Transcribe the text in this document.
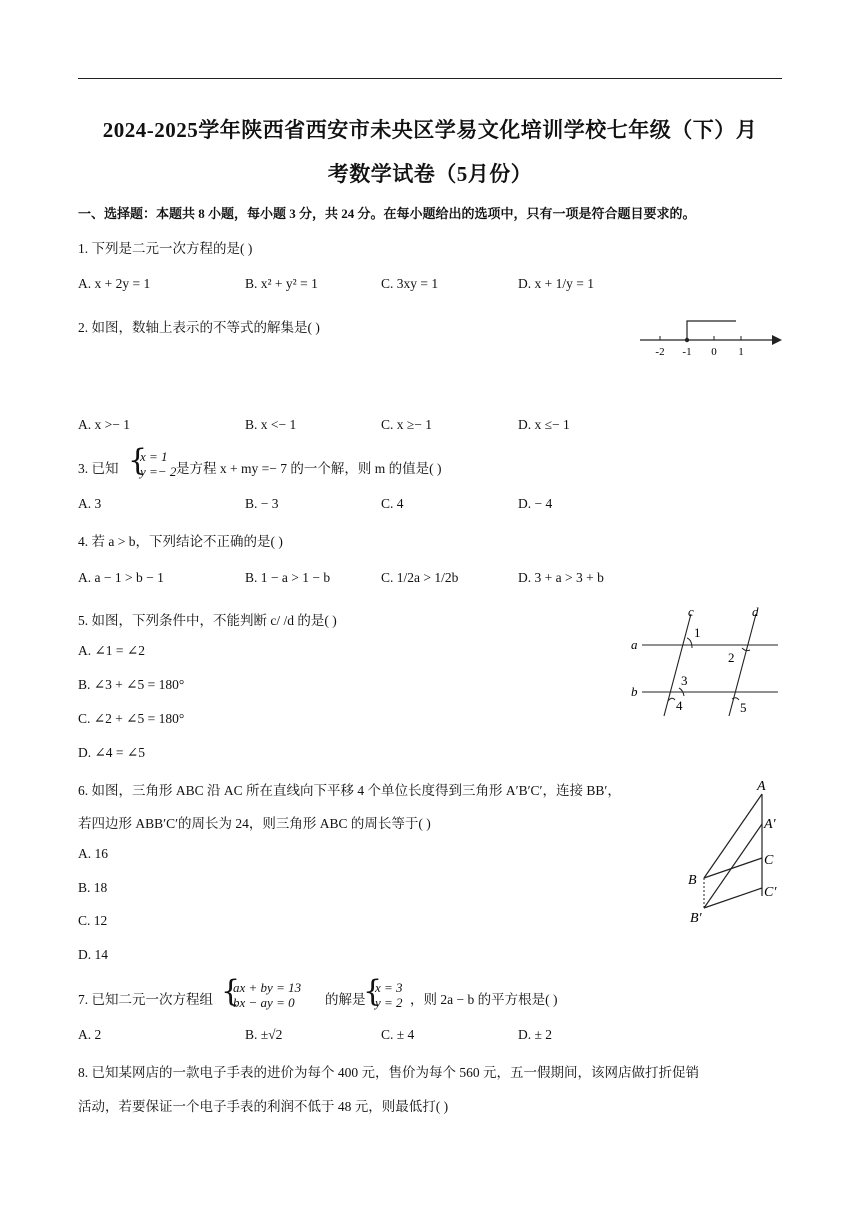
2024-2025学年陕西省西安市未央区学易文化培训学校七年级（下）月
考数学试卷（5月份）
一、选择题：本题共 8 小题，每小题 3 分，共 24 分。在每小题给出的选项中，只有一项是符合题目要求的。
1. 下列是二元一次方程的是( )
A. x + 2y = 1	B. x² + y² = 1	C. 3xy = 1	D. x + 1/y = 1
2. 如图，数轴上表示的不等式的解集是( )
-2 -1 0 1
A. x >− 1	B. x <− 1	C. x ≥− 1	D. x ≤− 1
3. 已知 {
x = 1
y =− 2 是方程 x + my =− 7 的一个解，则 m 的值是( )
A. 3	B. − 3	C. 4	D. − 4
4. 若 a > b，下列结论不正确的是( )
A. a − 1 > b − 1	B. 1 − a > 1 − b	C. 1/2a > 1/2b	D. 3 + a > 3 + b
5. 如图，下列条件中，不能判断 c/ /d 的是( )
A. ∠1 = ∠2
B. ∠3 + ∠5 = 180°
C. ∠2 + ∠5 = 180°
D. ∠4 = ∠5
c	d
a
b
1
2
3
4	5
6. 如图，三角形 ABC 沿 AC 所在直线向下平移 4 个单位长度得到三角形 A′B′C′，连接 BB′，
若四边形 ABB′C′的周长为 24，则三角形 ABC 的周长等于( )
A. 16
B. 18
C. 12
D. 14
A
A′
C
B
C′
B′
7. 已知二元一次方程组 {
ax + by = 13
bx − ay = 0	的解是
{
x = 3
y = 2 ，则 2a − b 的平方根是( )
A. 2	B. ±√2	C. ± 4	D. ± 2
8. 已知某网店的一款电子手表的进价为每个 400 元，售价为每个 560 元，五一假期间，该网店做打折促销
活动，若要保证一个电子手表的利润不低于 48 元，则最低打( )
